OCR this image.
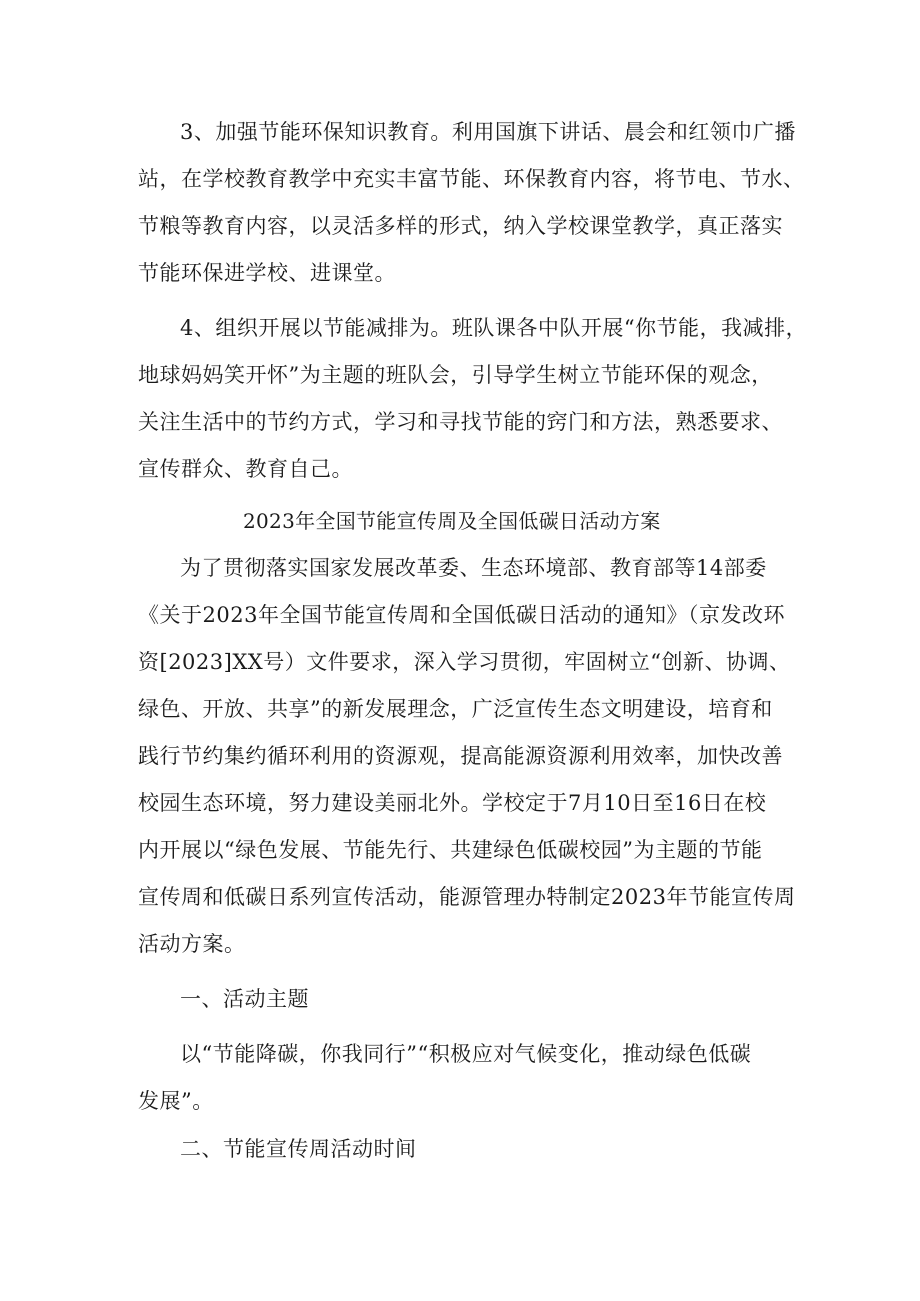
3、加强节能环保知识教育。利用国旗下讲话、晨会和红领巾广播
站，在学校教育教学中充实丰富节能、环保教育内容，将节电、节水、
节粮等教育内容，以灵活多样的形式，纳入学校课堂教学，真正落实
节能环保进学校、进课堂。
4、组织开展以节能减排为。班队课各中队开展“你节能，我减排，
地球妈妈笑开怀”为主题的班队会，引导学生树立节能环保的观念，
关注生活中的节约方式，学习和寻找节能的窍门和方法，熟悉要求、
宣传群众、教育自己。
2023年全国节能宣传周及全国低碳日活动方案
为了贯彻落实国家发展改革委、生态环境部、教育部等14部委
《关于2023年全国节能宣传周和全国低碳日活动的通知》（京发改环
资[2023]XX号）文件要求，深入学习贯彻，牢固树立“创新、协调、
绿色、开放、共享”的新发展理念，广泛宣传生态文明建设，培育和
践行节约集约循环利用的资源观，提高能源资源利用效率，加快改善
校园生态环境，努力建设美丽北外。学校定于7月10日至16日在校
内开展以“绿色发展、节能先行、共建绿色低碳校园”为主题的节能
宣传周和低碳日系列宣传活动，能源管理办特制定2023年节能宣传周
活动方案。
一、活动主题
以“节能降碳，你我同行”“积极应对气候变化，推动绿色低碳
发展”。
二、节能宣传周活动时间
